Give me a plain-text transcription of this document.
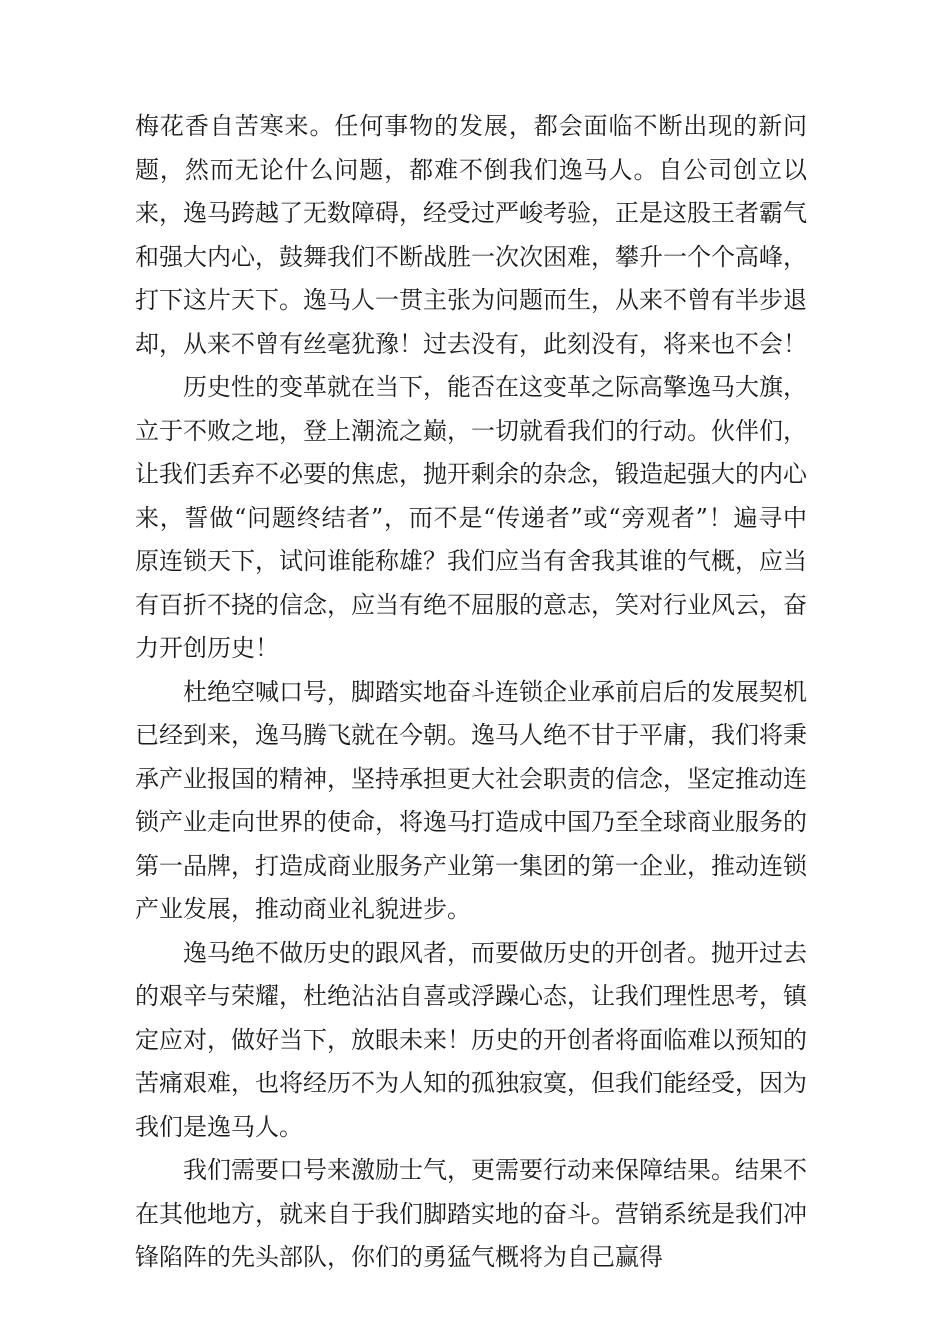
梅花香自苦寒来。任何事物的发展，都会面临不断出现的新问题，然而无论什么问题，都难不倒我们逸马人。自公司创立以来，逸马跨越了无数障碍，经受过严峻考验，正是这股王者霸气和强大内心，鼓舞我们不断战胜一次次困难，攀升一个个高峰，打下这片天下。逸马人一贯主张为问题而生，从来不曾有半步退却，从来不曾有丝毫犹豫！过去没有，此刻没有，将来也不会！

历史性的变革就在当下，能否在这变革之际高擎逸马大旗，立于不败之地，登上潮流之巅，一切就看我们的行动。伙伴们，让我们丢弃不必要的焦虑，抛开剩余的杂念，锻造起强大的内心来，誓做“问题终结者”，而不是“传递者”或“旁观者”！遍寻中原连锁天下，试问谁能称雄？我们应当有舍我其谁的气概，应当有百折不挠的信念，应当有绝不屈服的意志，笑对行业风云，奋力开创历史！

杜绝空喊口号，脚踏实地奋斗连锁企业承前启后的发展契机已经到来，逸马腾飞就在今朝。逸马人绝不甘于平庸，我们将秉承产业报国的精神，坚持承担更大社会职责的信念，坚定推动连锁产业走向世界的使命，将逸马打造成中国乃至全球商业服务的第一品牌，打造成商业服务产业第一集团的第一企业，推动连锁产业发展，推动商业礼貌进步。

逸马绝不做历史的跟风者，而要做历史的开创者。抛开过去的艰辛与荣耀，杜绝沾沾自喜或浮躁心态，让我们理性思考，镇定应对，做好当下，放眼未来！历史的开创者将面临难以预知的苦痛艰难，也将经历不为人知的孤独寂寞，但我们能经受，因为我们是逸马人。

我们需要口号来激励士气，更需要行动来保障结果。结果不在其他地方，就来自于我们脚踏实地的奋斗。营销系统是我们冲锋陷阵的先头部队，你们的勇猛气概将为自己赢得
